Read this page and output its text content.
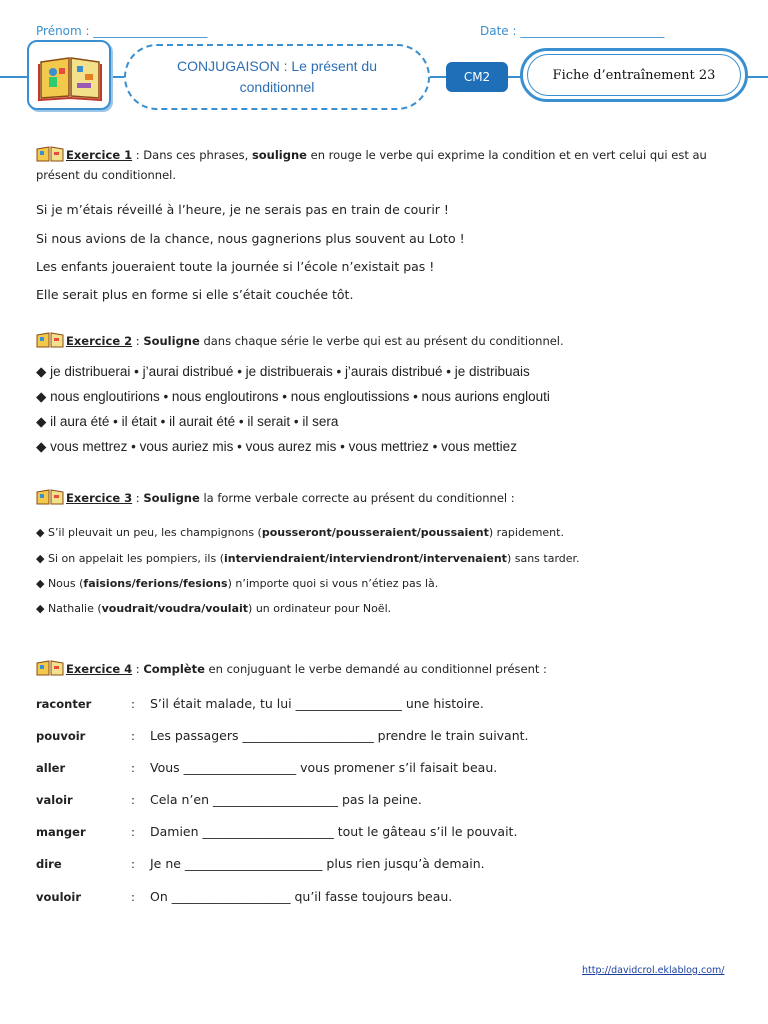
Prénom : ___________________	Date : ________________________
CONJUGAISON : Le présent du conditionnel
CM2	Fiche d’entraînement 23
Exercice 1 : Dans ces phrases, souligne en rouge le verbe qui exprime la condition et en vert celui qui est au présent du conditionnel.
Si je m’étais réveillé à l’heure, je ne serais pas en train de courir !
Si nous avions de la chance, nous gagnerions plus souvent au Loto !
Les enfants joueraient toute la journée si l’école n’existait pas !
Elle serait plus en forme si elle s’était couchée tôt.
Exercice 2 : Souligne dans chaque série le verbe qui est au présent du conditionnel.
◆ je distribuerai • j’aurai distribué • je distribuerais • j’aurais distribué • je distribuais
◆ nous engloutirions • nous engloutirons • nous engloutissions • nous aurions englouti
◆ il aura été • il était • il aurait été • il serait • il sera
◆ vous mettrez • vous auriez mis • vous aurez mis • vous mettriez • vous mettiez
Exercice 3 : Souligne la forme verbale correcte au présent du conditionnel :
◆ S’il pleuvait un peu, les champignons (pousseront/pousseraient/poussaient) rapidement.
◆ Si on appelait les pompiers, ils (interviendraient/interviendront/intervenaient) sans tarder.
◆ Nous (faisions/ferions/fesions) n’importe quoi si vous n’étiez pas là.
◆ Nathalie (voudrait/voudra/voulait) un ordinateur pour Noël.
Exercice 4 : Complète en conjuguant le verbe demandé au conditionnel présent :
raconter	: S’il était malade, tu lui _________________ une histoire.
pouvoir	: Les passagers _____________________ prendre le train suivant.
aller	: Vous __________________ vous promener s’il faisait beau.
valoir	: Cela n’en ____________________ pas la peine.
manger	: Damien _____________________ tout le gâteau s’il le pouvait.
dire	: Je ne ______________________ plus rien jusqu’à demain.
vouloir	: On ___________________ qu’il fasse toujours beau.
http://davidcrol.eklablog.com/
